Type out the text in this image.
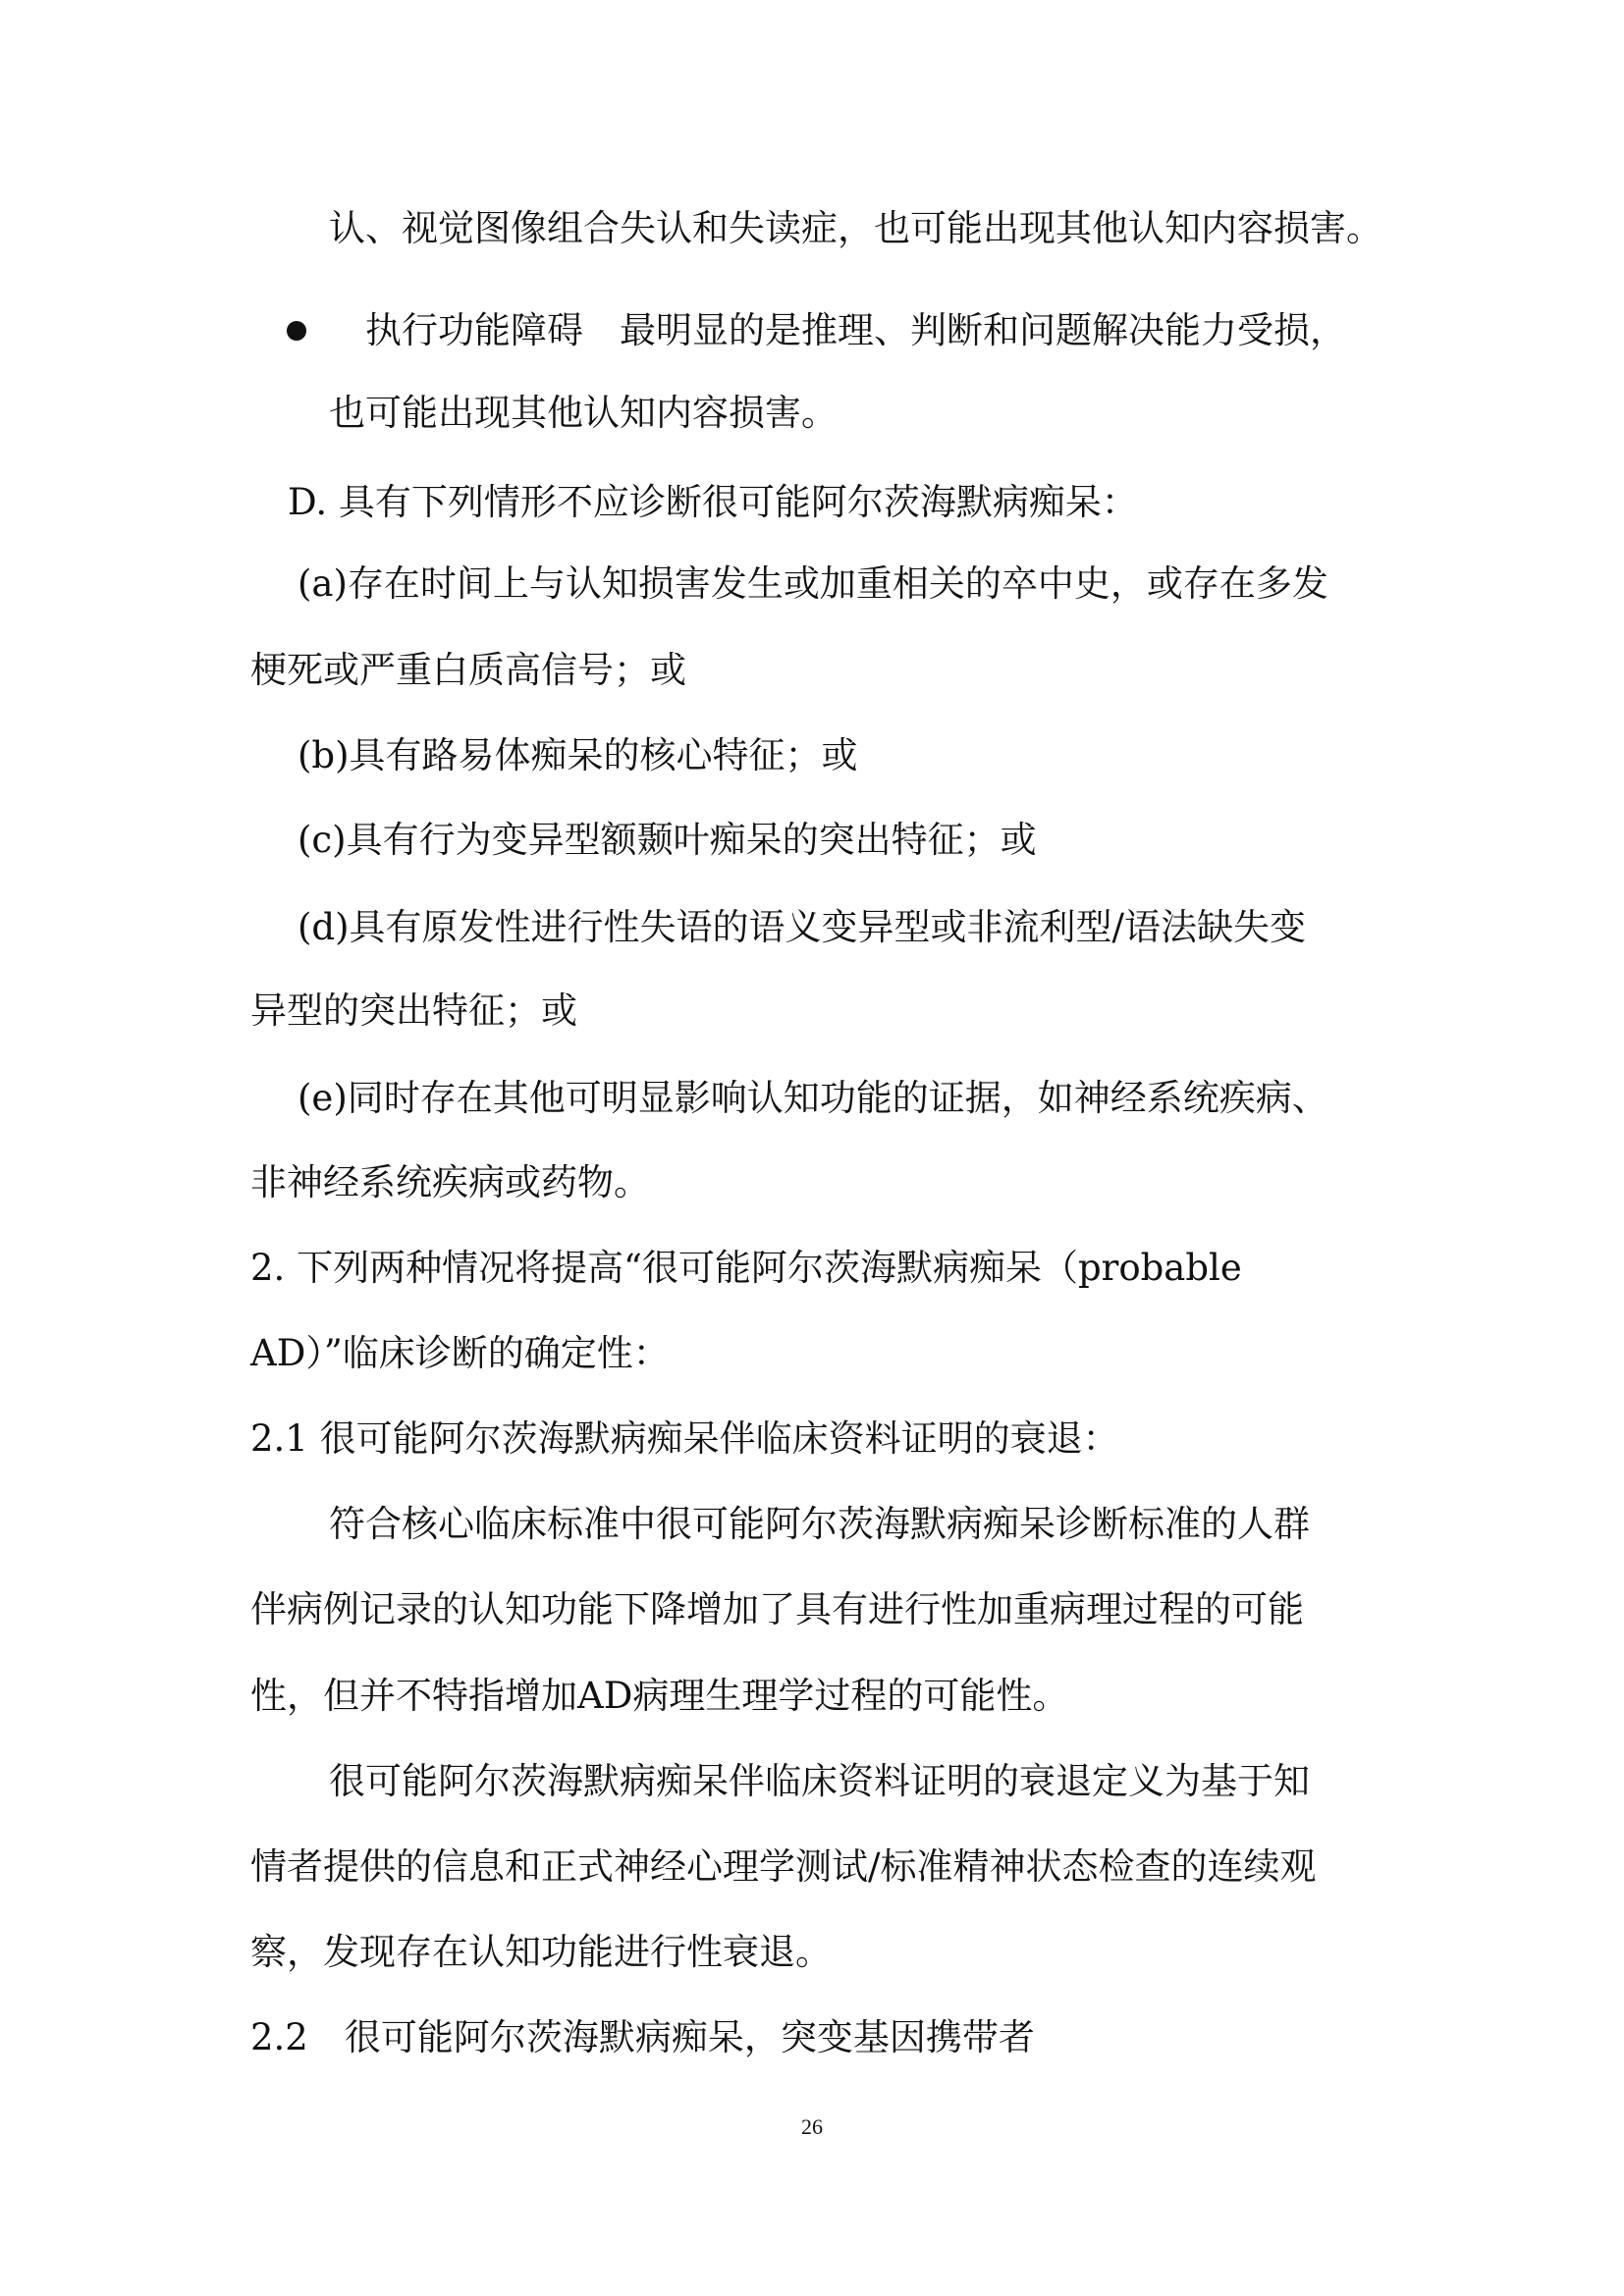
认、视觉图像组合失认和失读症，也可能出现其他认知内容损害。
执行功能障碍　最明显的是推理、判断和问题解决能力受损，
也可能出现其他认知内容损害。
D. 具有下列情形不应诊断很可能阿尔茨海默病痴呆：
(a)存在时间上与认知损害发生或加重相关的卒中史，或存在多发
梗死或严重白质高信号；或
(b)具有路易体痴呆的核心特征；或
(c)具有行为变异型额颞叶痴呆的突出特征；或
(d)具有原发性进行性失语的语义变异型或非流利型/语法缺失变
异型的突出特征；或
(e)同时存在其他可明显影响认知功能的证据，如神经系统疾病、
非神经系统疾病或药物。
2. 下列两种情况将提高“很可能阿尔茨海默病痴呆（probable
AD）”临床诊断的确定性：
2.1 很可能阿尔茨海默病痴呆伴临床资料证明的衰退：
符合核心临床标准中很可能阿尔茨海默病痴呆诊断标准的人群
伴病例记录的认知功能下降增加了具有进行性加重病理过程的可能
性，但并不特指增加AD病理生理学过程的可能性。
很可能阿尔茨海默病痴呆伴临床资料证明的衰退定义为基于知
情者提供的信息和正式神经心理学测试/标准精神状态检查的连续观
察，发现存在认知功能进行性衰退。
2.2　很可能阿尔茨海默病痴呆，突变基因携带者
26
